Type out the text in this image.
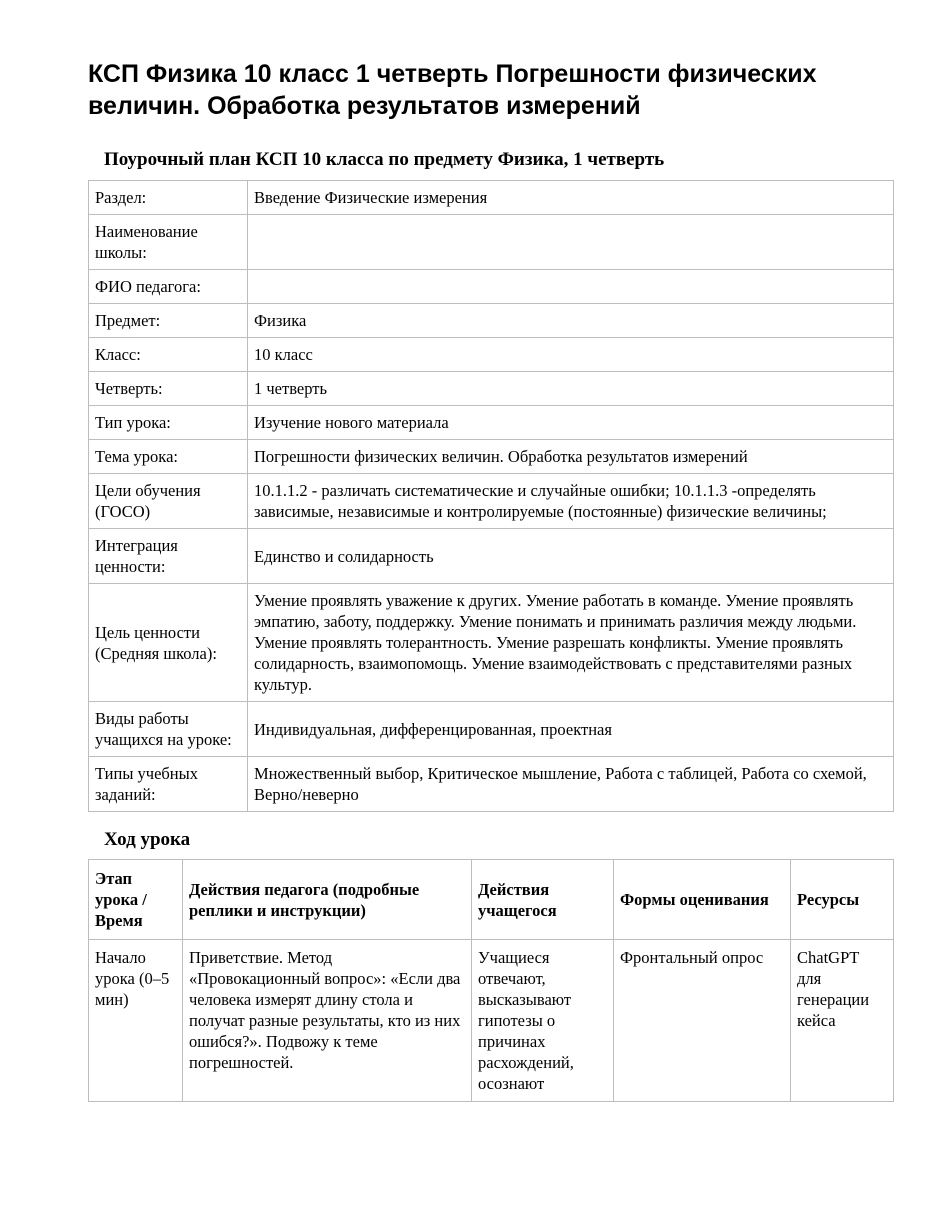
КСП Физика 10 класс 1 четверть Погрешности физических величин. Обработка результатов измерений
Поурочный план КСП 10 класса по предмету Физика, 1 четверть
Раздел:	Введение Физические измерения
Наименование школы:	
ФИО педагога:	
Предмет:	Физика
Класс:	10 класс
Четверть:	1 четверть
Тип урока:	Изучение нового материала
Тема урока:	Погрешности физических величин. Обработка результатов измерений
Цели обучения (ГОСО)	10.1.1.2 - различать систематические и случайные ошибки; 10.1.1.3 -определять зависимые, независимые и контролируемые (постоянные) физические величины;
Интеграция ценности:	Единство и солидарность
Цель ценности (Средняя школа):	Умение проявлять уважение к других. Умение работать в команде. Умение проявлять эмпатию, заботу, поддержку. Умение понимать и принимать различия между людьми. Умение проявлять толерантность. Умение разрешать конфликты. Умение проявлять солидарность, взаимопомощь. Умение взаимодействовать с представителями разных культур.
Виды работы учащихся на уроке:	Индивидуальная, дифференцированная, проектная
Типы учебных заданий:	Множественный выбор, Критическое мышление, Работа с таблицей, Работа со схемой, Верно/неверно
Ход урока
Этап урока / Время	Действия педагога (подробные реплики и инструкции)	Действия учащегося	Формы оценивания	Ресурсы
Начало урока (0–5 мин)	Приветствие. Метод «Провокационный вопрос»: «Если два человека измерят длину стола и получат разные результаты, кто из них ошибся?». Подвожу к теме погрешностей.	Учащиеся отвечают, высказывают гипотезы о причинах расхождений, осознают	Фронтальный опрос	ChatGPT для генерации кейса
